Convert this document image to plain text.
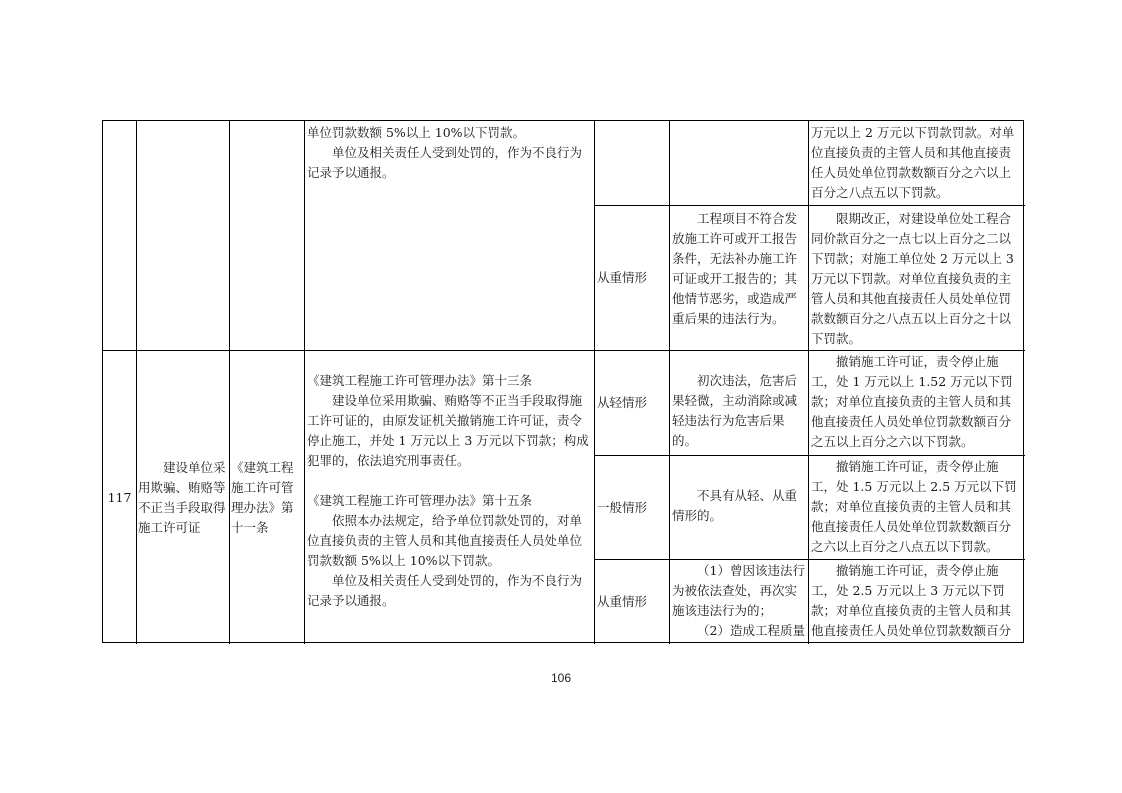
单位罚款数额 5%以上 10%以下罚款。

单位及相关责任人受到处罚的，作为不良行为记录予以通报。

万元以上 2 万元以下罚款罚款。对单位直接负责的主管人员和其他直接责任人员处单位罚款数额百分之六以上百分之八点五以下罚款。

从重情形

工程项目不符合发放施工许可或开工报告条件，无法补办施工许可证或开工报告的；其他情节恶劣，或造成严重后果的违法行为。

限期改正，对建设单位处工程合同价款百分之一点七以上百分之二以下罚款；对施工单位处 2 万元以上 3 万元以下罚款。对单位直接负责的主管人员和其他直接责任人员处单位罚款数额百分之八点五以上百分之十以下罚款。

117

建设单位采用欺骗、贿赂等不正当手段取得施工许可证

《建筑工程施工许可管理办法》第十一条

《建筑工程施工许可管理办法》第十三条

建设单位采用欺骗、贿赂等不正当手段取得施工许可证的，由原发证机关撤销施工许可证，责令停止施工，并处 1 万元以上 3 万元以下罚款；构成犯罪的，依法追究刑事责任。

《建筑工程施工许可管理办法》第十五条

依照本办法规定，给予单位罚款处罚的，对单位直接负责的主管人员和其他直接责任人员处单位罚款数额 5%以上 10%以下罚款。

单位及相关责任人受到处罚的，作为不良行为记录予以通报。

从轻情形

初次违法，危害后果轻微，主动消除或减轻违法行为危害后果的。

撤销施工许可证，责令停止施工，处 1 万元以上 1.52 万元以下罚款；对单位直接负责的主管人员和其他直接责任人员处单位罚款数额百分之五以上百分之六以下罚款。

一般情形

不具有从轻、从重情形的。

撤销施工许可证，责令停止施工，处 1.5 万元以上 2.5 万元以下罚款；对单位直接负责的主管人员和其他直接责任人员处单位罚款数额百分之六以上百分之八点五以下罚款。

从重情形

（1）曾因该违法行为被依法查处，再次实施该违法行为的；

（2）造成工程质量

撤销施工许可证，责令停止施工，处 2.5 万元以上 3 万元以下罚款；对单位直接负责的主管人员和其他直接责任人员处单位罚款数额百分

106
